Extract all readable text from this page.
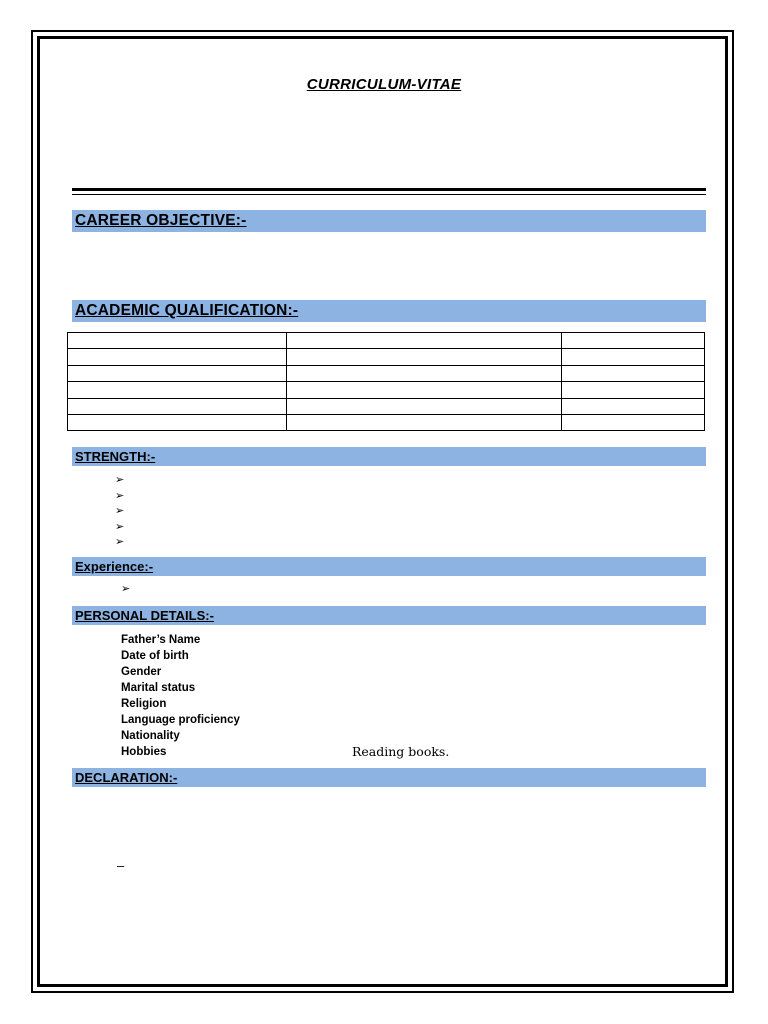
CURRICULUM-VITAE
CAREER OBJECTIVE:-
ACADEMIC QUALIFICATION:-

STRENGTH:-
➢
➢
➢
➢
➢
Experience:-
➢
PERSONAL DETAILS:-
Father’s Name
Date of birth
Gender
Marital status
Religion
Language proficiency
Nationality
Hobbies	Reading books.
DECLARATION:-
–
